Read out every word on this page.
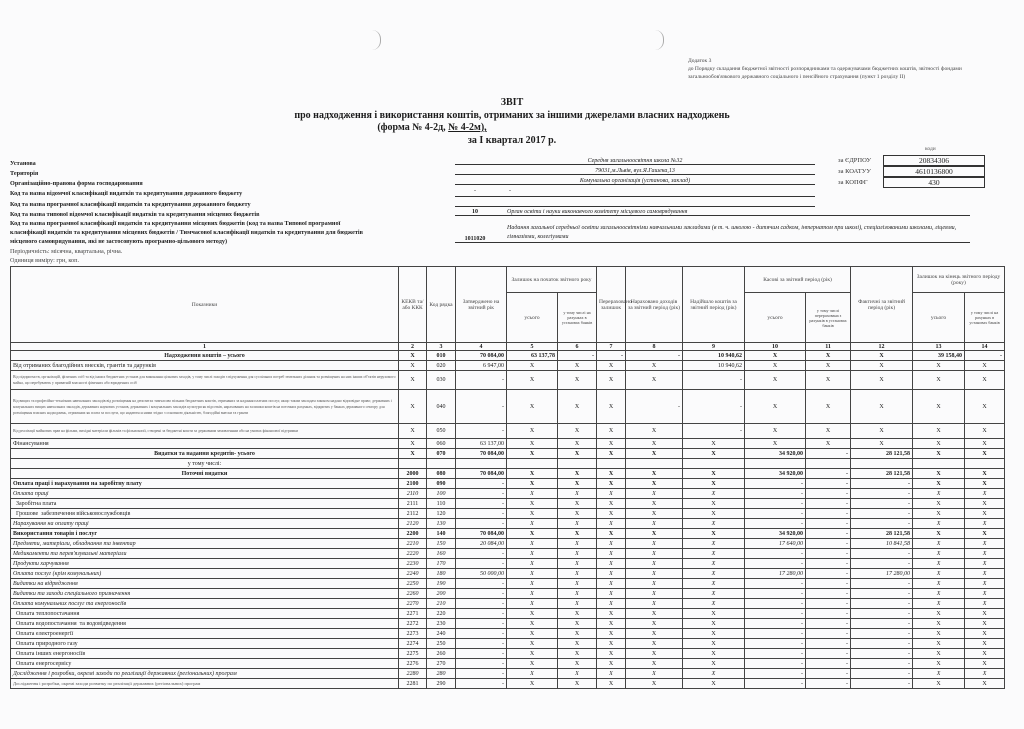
Додаток 3
до Порядку складання бюджетної звітності розпорядниками та одержувачами бюджетних коштів, звітності фондами загальнообов'язкового державного соціального і пенсійного страхування (пункт 1 розділу II)
ЗВІТ
про надходження і використання коштів, отриманих за іншими джерелами власних надходжень
(форма № 4-2д, № 4-2м),
за I квартал 2017 р.
Установа	Середня загальноосвітня школа №32
Територія	79031,м.Львів, вул.Я.Гашека,13
Організаційно-правова форма господарювання	Комунальна організація (установа, заклад)
Код та назва відомчої класифікації видатків та кредитування державного бюджету	-	-
Код та назва програмної класифікації видатків та кредитування державного бюджету
Код та назва типової відомчої класифікації видатків та кредитування місцевих бюджетів	10	Орган освіти і науки виконавчого комітету місцевого самоврядування
Код та назва програмної класифікації видатків та кредитування місцевих бюджетів (код та назва Типової програмної
класифікації видатків та кредитування місцевих бюджетів / Тимчасової класифікації видатків та кредитування для бюджетів
місцевого самоврядування, які не застосовують програмно-цільового методу)	1011020
Надання загальної середньої освіти загальноосвітніми навчальними закладами (в т. ч. школою - дитячим садком, інтернатом при школі), спеціалізованими школами, ліцеями, гімназіями, колегіумами
Періодичність: місячна, квартальна, річна.
Одиниця виміру: грн, коп.
коди
за ЄДРПОУ	20834306
за КОАТУУ	4610136800
за КОПФГ	430
Показники	КЕКВ та/або ККК	Код рядка	Затверджено на звітний рік	Залишок на початок звітного року		Перераховано залишок	Нараховано доходів за звітний період (рік)	Надійшло коштів за звітний період (рік)	Касові за звітний період (рік)		Фактичні за звітний період (рік)	Залишок на кінець звітного періоду (року)	
				усього	у тому числі на рахунках в установах банків				усього	у тому числі перерахована з рахунків в установах банків		усього	у тому числі на рахунках в установах банків
1	2	3	4	5	6	7	8	9	10	11	12	13	14
Надходження коштів – усього	X	010	70 084,00	63 137,78	-	-	-	10 940,62	X	X	X	39 158,40	-
Від отриманих благодійних внесків, грантів та дарунків	X	020	6 947,00	X	X	X	X	10 940,62	X	X	X	X	X
Від підприємств, організацій, фізичних осіб та від інших бюджетних установ для виконання цільових заходів, у тому числі заходів з відчуження для суспільних потреб земельних ділянок та розміщених на них інших об'єктів нерухомого майна, що перебувають у приватній власності фізичних або юридичних осіб	X	030	-	X	X	X	X	-	X	X	X	X	X
Від вищих та професійно-технічних навчальних закладів від розміщення на депозитах тимчасово вільних бюджетних коштів, отриманих за надання платних послуг, якщо таким закладам законом надано відповідне право; державних і комунальних вищих навчальних закладів, державних наукових установ, державних і комунальних закладів культури як відсотків, нарахованих на залишки коштів на поточних рахунках, відкритих у банках державного сектору для розміщення власних надходжень, отриманих як плата за послуги, що надаються ними згідно з основною діяльністю, благодійні внески та гранти	X	040	-	X	X	X	-	-	X	X	X	X	X
Від реалізації майнових прав на фільми, вихідні матеріали фільмів та фільмокопії, створені за бюджетні кошти за державним замовленням або на умовах фінансової підтримки	X	050	-	X	X	X	X	-	X	X	X	X	X
Фінансування	X	060	63 137,00	X	X	X	X	X	X	X	X	X	X
Видатки та надання кредитів- усього	X	070	70 084,00	X	X	X	X	X	34 920,00	-	28 121,58	X	X
у тому числі:													
Поточні видатки	2000	080	70 084,00	X	X	X	X	X	34 920,00	-	28 121,58	X	X
Оплата праці і нарахування на заробітну плату	2100	090	-	X	X	X	X	X	-	-	-	X	X
Оплата праці	2110	100	-	X	X	X	X	X	-	-	-	X	X
Заробітна плата	2111	110	-	X	X	X	X	X	-	-	-	X	X
Грошове  забезпечення військовослужбовців	2112	120	-	X	X	X	X	X	-	-	-	X	X
Нарахування на оплату праці	2120	130	-	X	X	X	X	X	-	-	-	X	X
Використання товарів і послуг	2200	140	70 084,00	X	X	X	X	X	34 920,00	-	28 121,58	X	X
Предмети, матеріали, обладнання та інвентар	2210	150	20 084,00	X	X	X	X	X	17 640,00	-	10 841,58	X	X
Медикаменти та перев'язувальні матеріали	2220	160	-	X	X	X	X	X	-	-	-	X	X
Продукти харчування	2230	170	-	X	X	X	X	X	-	-	-	X	X
Оплата послуг (крім комунальних)	2240	180	50 000,00	X	X	X	X	X	17 280,00	-	17 280,00	X	X
Видатки на відрядження	2250	190	-	X	X	X	X	X	-	-	-	X	X
Видатки та заходи спеціального призначення	2260	200	-	X	X	X	X	X	-	-	-	X	X
Оплата комунальних послуг та енергоносіїв	2270	210	-	X	X	X	X	X	-	-	-	X	X
Оплата теплопостачання	2271	220	-	X	X	X	X	X	-	-	-	X	X
Оплата водопостачання  та водовідведення	2272	230	-	X	X	X	X	X	-	-	-	X	X
Оплата електроенергії	2273	240	-	X	X	X	X	X	-	-	-	X	X
Оплата природного газу	2274	250	-	X	X	X	X	X	-	-	-	X	X
Оплата інших енергоносіїв	2275	260	-	X	X	X	X	X	-	-	-	X	X
Оплата енергосервісу	2276	270	-	X	X	X	X	X	-	-	-	X	X
Дослідження і розробки, окремі заходи по реалізації державних (регіональних) програм	2280	280	-	X	X	X	X	X	-	-	-	X	X
Дослідження і розробки, окремі заходи розвитку по реалізації державних (регіональних) програм	2281	290	-	X	X	X	X	X	-	-	-	X	X
